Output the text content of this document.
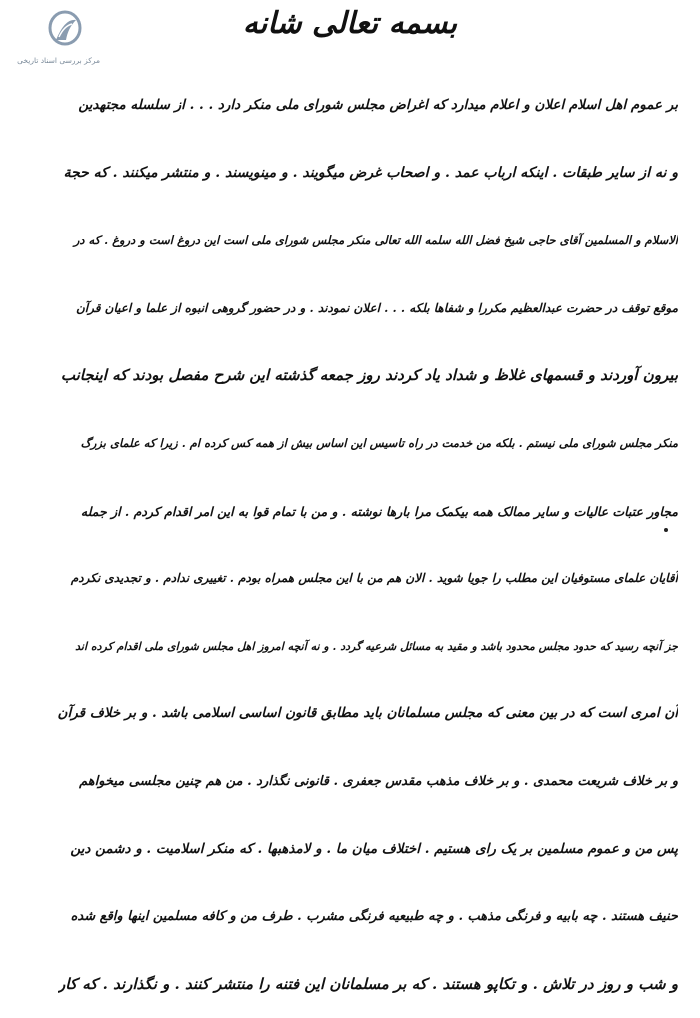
مرکز بررسی اسناد تاریخی
بسمه تعالی شانه
بر عموم اهل اسلام اعلان و اعلام میدارد که اغراض مجلس شورای ملی منکر دارد . . . از سلسله مجتهدین
و نه از سایر طبقات . اینکه ارباب عمد . و اصحاب غرض میگویند . و مینویسند . و منتشر میکنند . که حجة
الاسلام و المسلمین آقای حاجی شیخ فضل الله سلمه الله تعالی منکر مجلس شورای ملی است این دروغ است و دروغ . که در
موقع توقف در حضرت عبدالعظیم مکررا و شفاها بلکه . . . اعلان نمودند . و در حضور گروهی انبوه از علما و اعیان قرآن
بیرون آوردند و قسمهای غلاظ و شداد یاد کردند روز جمعه گذشته این شرح مفصل بودند که اینجانب
منکر مجلس شورای ملی نیستم . بلکه من خدمت در راه تاسیس این اساس بیش از همه کس کرده ام . زیرا که علمای بزرگ
مجاور عتبات عالیات و سایر ممالک همه بیکمک مرا بارها نوشته . و من با تمام قوا به این امر اقدام کردم . از جمله
آقایان علمای مستوفیان این مطلب را جویا شوید . الان هم من با این مجلس همراه بودم . تغییری ندادم . و تجدیدی نکردم
جز آنچه رسید که حدود مجلس محدود باشد و مقید به مسائل شرعیه گردد . و نه آنچه امروز اهل مجلس شورای ملی اقدام کرده اند
آن امری است که در بین معنی که مجلس مسلمانان باید مطابق قانون اساسی اسلامی باشد . و بر خلاف قرآن
و بر خلاف شریعت محمدی . و بر خلاف مذهب مقدس جعفری . قانونی نگذارد . من هم چنین مجلسی میخواهم
پس من و عموم مسلمین بر یک رای هستیم . اختلاف میان ما . و لامذهبها . که منکر اسلامیت . و دشمن دین
حنیف هستند . چه بابیه و فرنگی مذهب . و چه طبیعیه فرنگی مشرب . طرف من و کافه مسلمین اینها واقع شده
و شب و روز در تلاش . و تکاپو هستند . که بر مسلمانان این فتنه را منتشر کنند . و نگذارند . که کار
